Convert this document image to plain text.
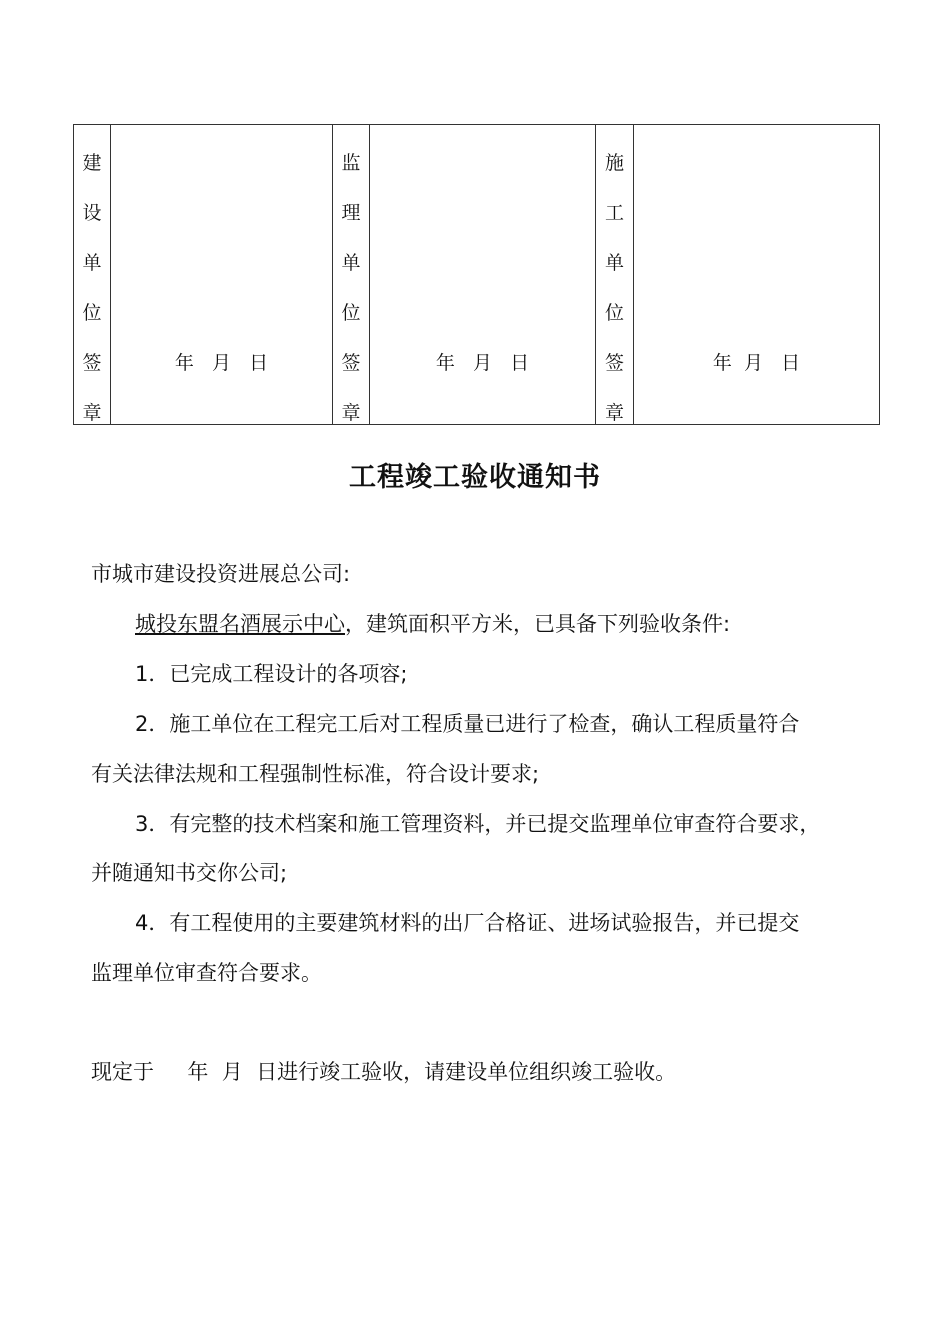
建
设
单
位
签
章

年   月   日

监
理
单
位
签
章

年   月   日

施
工
单
位
签
章

年  月   日
工程竣工验收通知书
市城市建设投资进展总公司:
城投东盟名酒展示中心，建筑面积平方米，已具备下列验收条件:
1．已完成工程设计的各项容;
2．施工单位在工程完工后对工程质量已进行了检查，确认工程质量符合
有关法律法规和工程强制性标准，符合设计要求;
3．有完整的技术档案和施工管理资料，并已提交监理单位审查符合要求，
并随通知书交你公司;
4．有工程使用的主要建筑材料的出厂合格证、进场试验报告，并已提交
监理单位审查符合要求。
现定于     年  月  日进行竣工验收，请建设单位组织竣工验收。
